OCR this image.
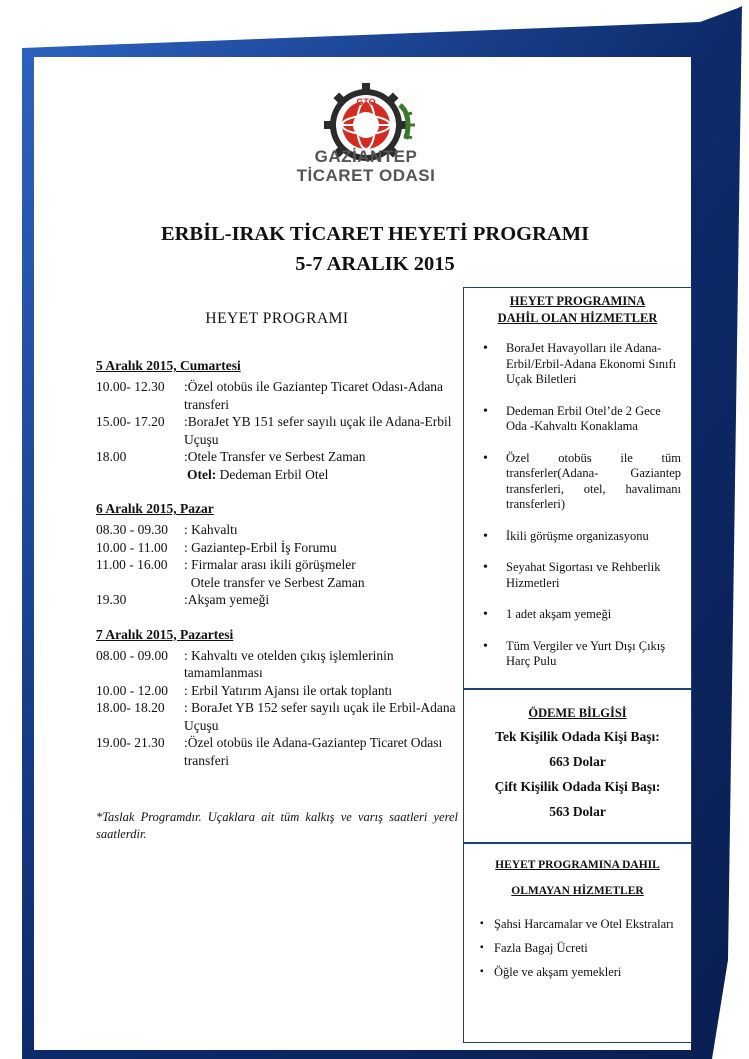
GTO
GAZİANTEP
TİCARET ODASI
ERBİL-IRAK TİCARET HEYETİ PROGRAMI
5-7 ARALIK 2015
HEYET PROGRAMI
5 Aralık 2015, Cumartesi
10.00- 12.30	:Özel otobüs ile Gaziantep Ticaret Odası-Adana transferi
15.00- 17.20	:BoraJet YB 151 sefer sayılı uçak ile Adana-Erbil Uçuşu
18.00	:Otele Transfer ve Serbest Zaman
Otel: Dedeman Erbil Otel
6 Aralık 2015, Pazar
08.30 - 09.30	: Kahvaltı
10.00 - 11.00	: Gaziantep-Erbil İş Forumu
11.00 - 16.00	: Firmalar arası ikili görüşmeler
Otele transfer ve Serbest Zaman
19.30	:Akşam yemeği
7 Aralık 2015, Pazartesi
08.00 - 09.00	: Kahvaltı ve otelden çıkış işlemlerinin tamamlanması
10.00 - 12.00	: Erbil Yatırım Ajansı ile ortak toplantı
18.00- 18.20	: BoraJet YB 152 sefer sayılı uçak ile Erbil-Adana Uçuşu
19.00- 21.30	:Özel otobüs ile Adana-Gaziantep Ticaret Odası transferi
*Taslak Programdır. Uçaklara ait tüm kalkış ve varış saatleri yerel saatlerdir.
HEYET PROGRAMINA
DAHİL OLAN HİZMETLER
• BoraJet Havayolları ile Adana-Erbil/Erbil-Adana Ekonomi Sınıfı Uçak Biletleri
• Dedeman Erbil Otel’de 2 Gece Oda -Kahvaltı Konaklama
• Özel otobüs ile tüm transferler(Adana- Gaziantep transferleri, otel, havalimanı transferleri)
• İkili görüşme organizasyonu
• Seyahat Sigortası ve Rehberlik Hizmetleri
• 1 adet akşam yemeği
• Tüm Vergiler ve Yurt Dışı Çıkış Harç Pulu
ÖDEME BİLGİSİ
Tek Kişilik Odada Kişi Başı:
663 Dolar
Çift Kişilik Odada Kişi Başı:
563 Dolar
HEYET PROGRAMINA DAHIL
OLMAYAN HİZMETLER
▪ Şahsi Harcamalar ve Otel Ekstraları
▪ Fazla Bagaj Ücreti
▪ Öğle ve akşam yemekleri
